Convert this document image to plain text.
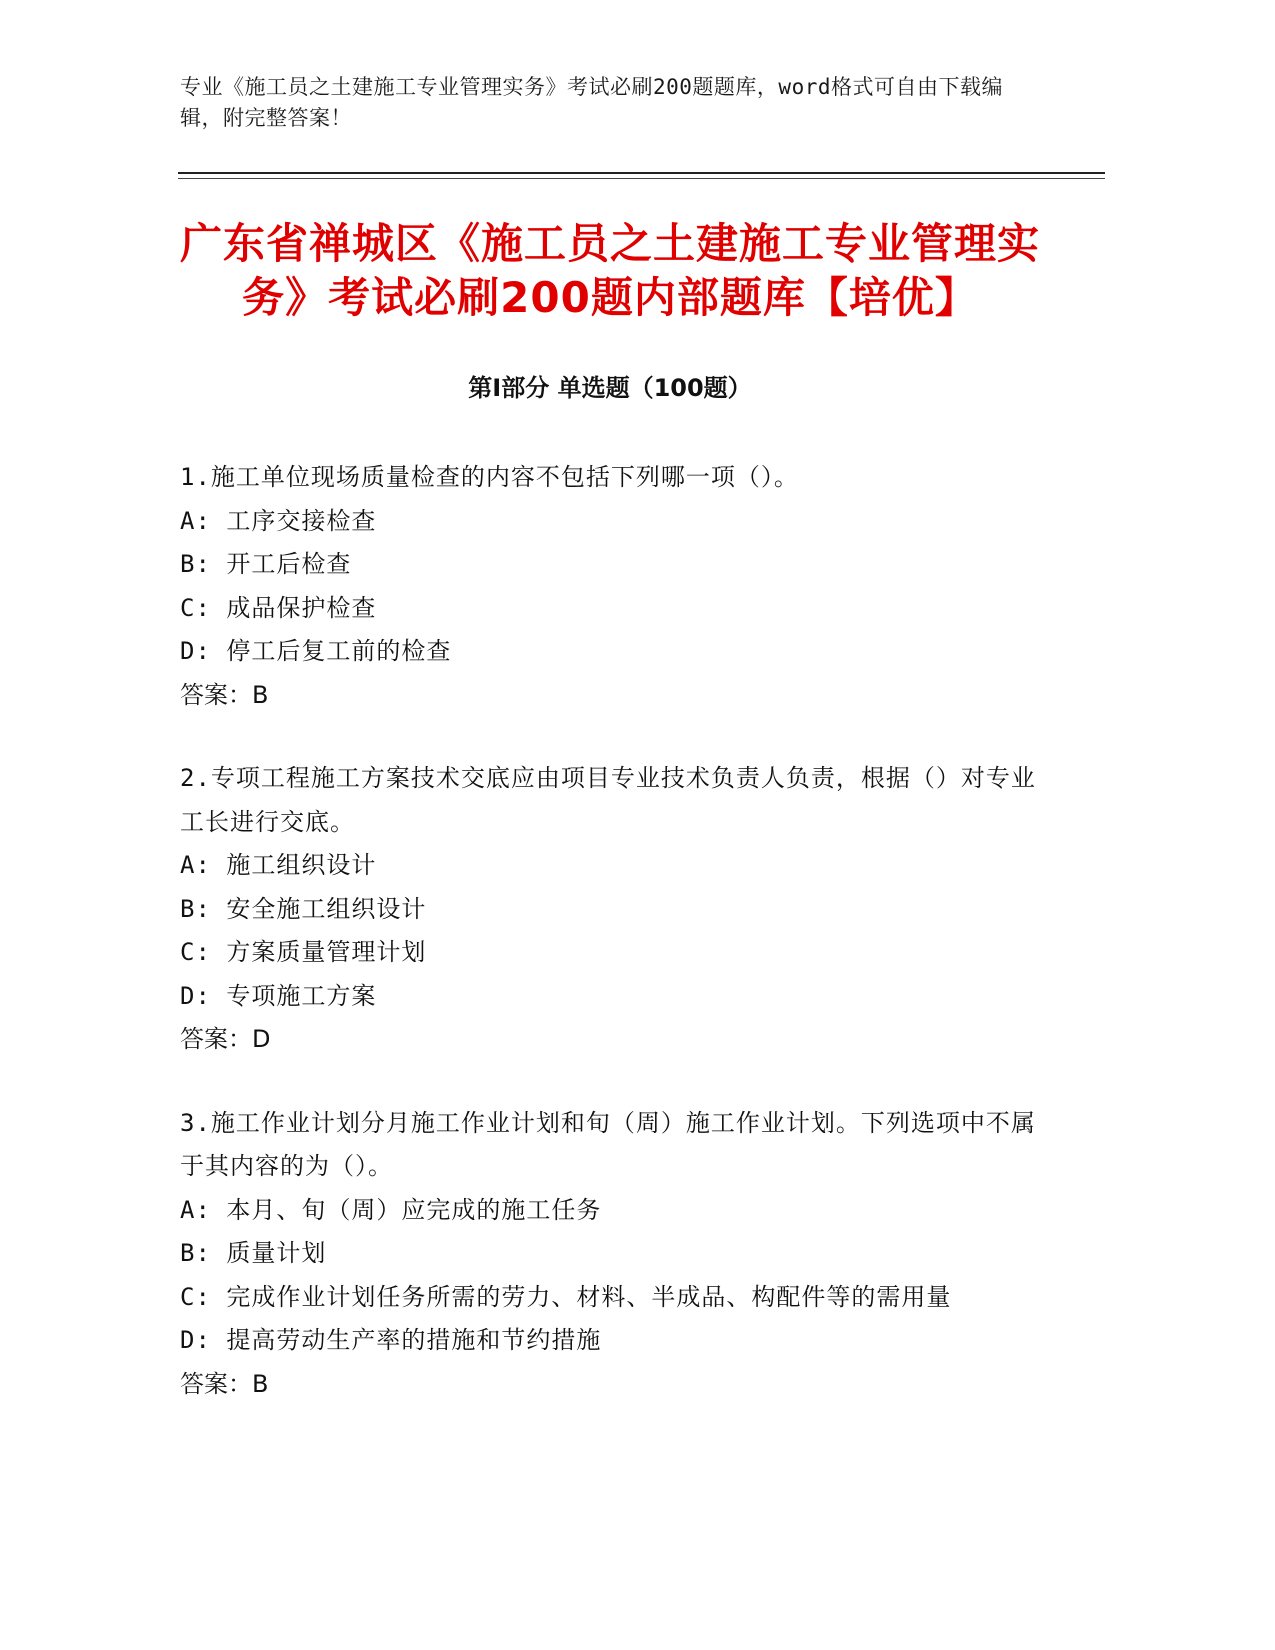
专业《施工员之土建施工专业管理实务》考试必刷200题题库，word格式可自由下载编辑，附完整答案！
广东省禅城区《施工员之土建施工专业管理实务》考试必刷200题内部题库【培优】
第I部分 单选题（100题）
1.施工单位现场质量检查的内容不包括下列哪一项（）。
A: 工序交接检查
B: 开工后检查
C: 成品保护检查
D: 停工后复工前的检查
答案：B
2.专项工程施工方案技术交底应由项目专业技术负责人负责，根据（）对专业工长进行交底。
A: 施工组织设计
B: 安全施工组织设计
C: 方案质量管理计划
D: 专项施工方案
答案：D
3.施工作业计划分月施工作业计划和旬（周）施工作业计划。下列选项中不属于其内容的为（）。
A: 本月、旬（周）应完成的施工任务
B: 质量计划
C: 完成作业计划任务所需的劳力、材料、半成品、构配件等的需用量
D: 提高劳动生产率的措施和节约措施
答案：B
